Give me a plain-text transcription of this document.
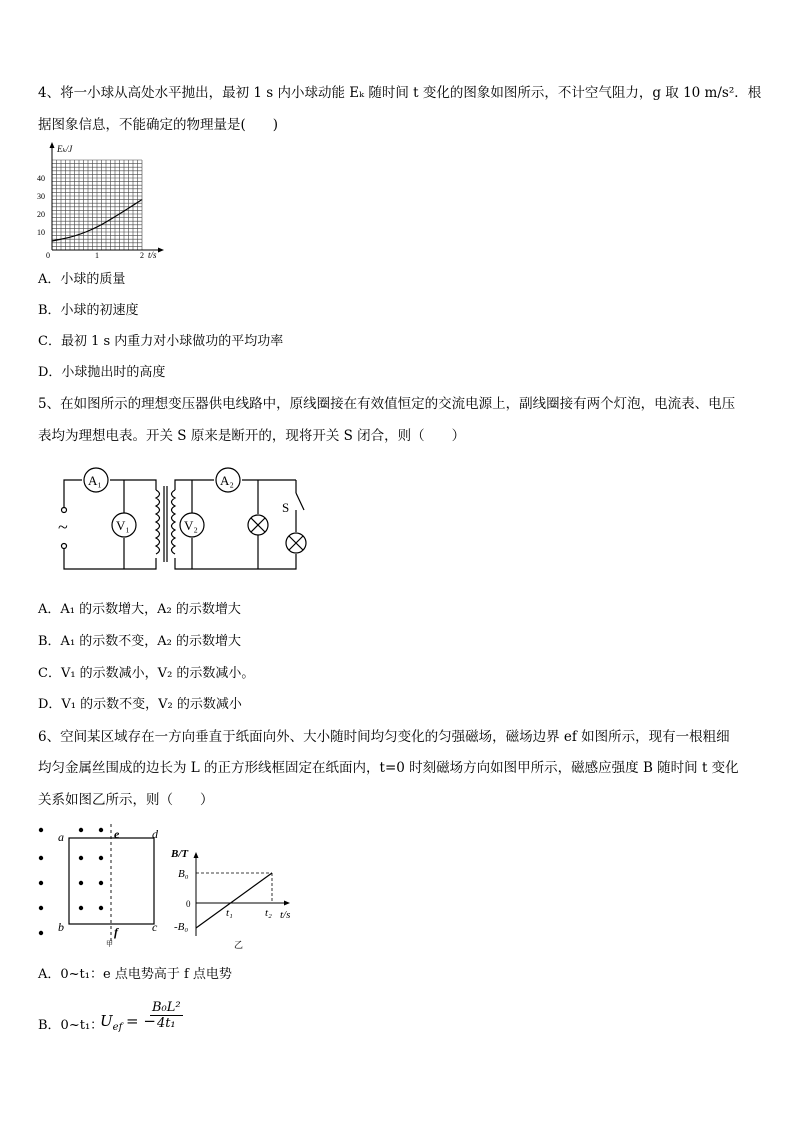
4、将一小球从高处水平抛出，最初 1 s 内小球动能 Eₖ 随时间 t 变化的图象如图所示，不计空气阻力，g 取 10 m/s²．根
据图象信息，不能确定的物理量是(　　)
Eₖ/J
t/s
0
10
20
30
40
1	2
A．小球的质量
B．小球的初速度
C．最初 1 s 内重力对小球做功的平均功率
D．小球抛出时的高度
5、在如图所示的理想变压器供电线路中，原线圈接在有效值恒定的交流电源上，副线圈接有两个灯泡，电流表、电压
表均为理想电表。开关 S 原来是断开的，现将开关 S 闭合，则（　　）
~
A₁
V₁
A₂
V₂
S
A．A₁ 的示数增大，A₂ 的示数增大
B．A₁ 的示数不变，A₂ 的示数增大
C．V₁ 的示数减小，V₂ 的示数减小。
D．V₁ 的示数不变，V₂ 的示数减小
6、空间某区域存在一方向垂直于纸面向外、大小随时间均匀变化的匀强磁场，磁场边界 ef 如图所示，现有一根粗细
均匀金属丝围成的边长为 L 的正方形线框固定在纸面内，t=0 时刻磁场方向如图甲所示，磁感应强度 B 随时间 t 变化
关系如图乙所示，则（　　）
a
b	c
d
e
f
甲
B/T
B₀
0
-B₀
t₁	t₂ t/s
乙
A．0~t₁：e 点电势高于 f 点电势
B．0~t₁：
$U_{ef}$ = −
B₀L²
4t₁
